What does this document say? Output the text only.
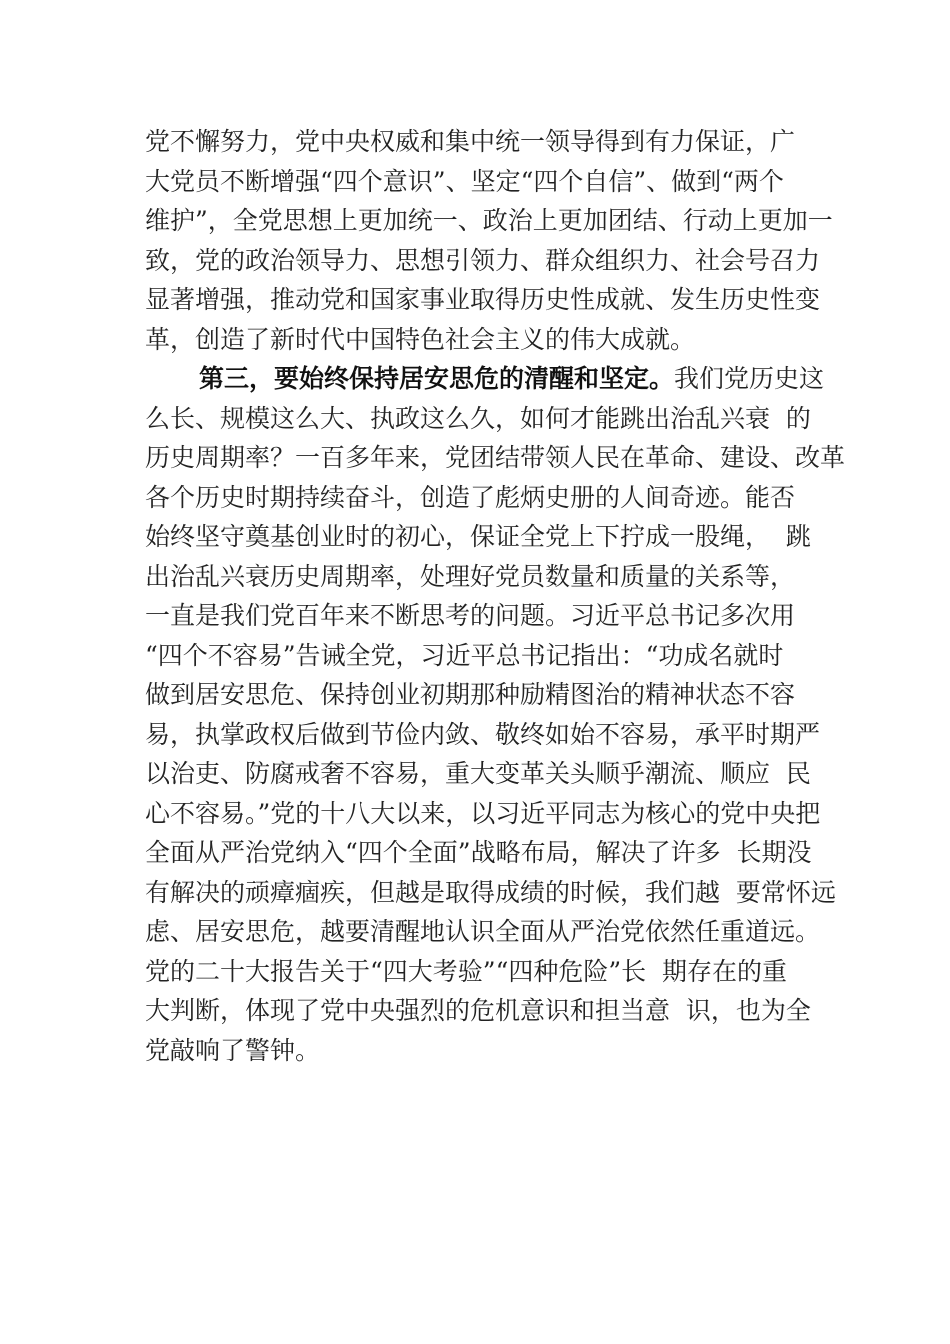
党不懈努力，党中央权威和集中统一领导得到有力保证，广
大党员不断增强“四个意识”、坚定“四个自信”、做到“两个
维护”，全党思想上更加统一、政治上更加团结、行动上更加一
致，党的政治领导力、思想引领力、群众组织力、社会号召力
显著增强，推动党和国家事业取得历史性成就、发生历史性变
革，创造了新时代中国特色社会主义的伟大成就。
第三，要始终保持居安思危的清醒和坚定。我们党历史这
么长、规模这么大、执政这么久，如何才能跳出治乱兴衰  的
历史周期率？一百多年来，党团结带领人民在革命、建设、改革
各个历史时期持续奋斗，创造了彪炳史册的人间奇迹。能否
始终坚守奠基创业时的初心，保证全党上下拧成一股绳，  跳
出治乱兴衰历史周期率，处理好党员数量和质量的关系等，
一直是我们党百年来不断思考的问题。习近平总书记多次用
“四个不容易”告诫全党，习近平总书记指出：“功成名就时
做到居安思危、保持创业初期那种励精图治的精神状态不容
易，执掌政权后做到节俭内敛、敬终如始不容易，承平时期严
以治吏、防腐戒奢不容易，重大变革关头顺乎潮流、顺应  民
心不容易。”党的十八大以来，以习近平同志为核心的党中央把
全面从严治党纳入“四个全面”战略布局，解决了许多  长期没
有解决的顽瘴痼疾，但越是取得成绩的时候，我们越  要常怀远
虑、居安思危，越要清醒地认识全面从严治党依然任重道远。
党的二十大报告关于“四大考验”“四种危险”长  期存在的重
大判断，体现了党中央强烈的危机意识和担当意  识，也为全
党敲响了警钟。
